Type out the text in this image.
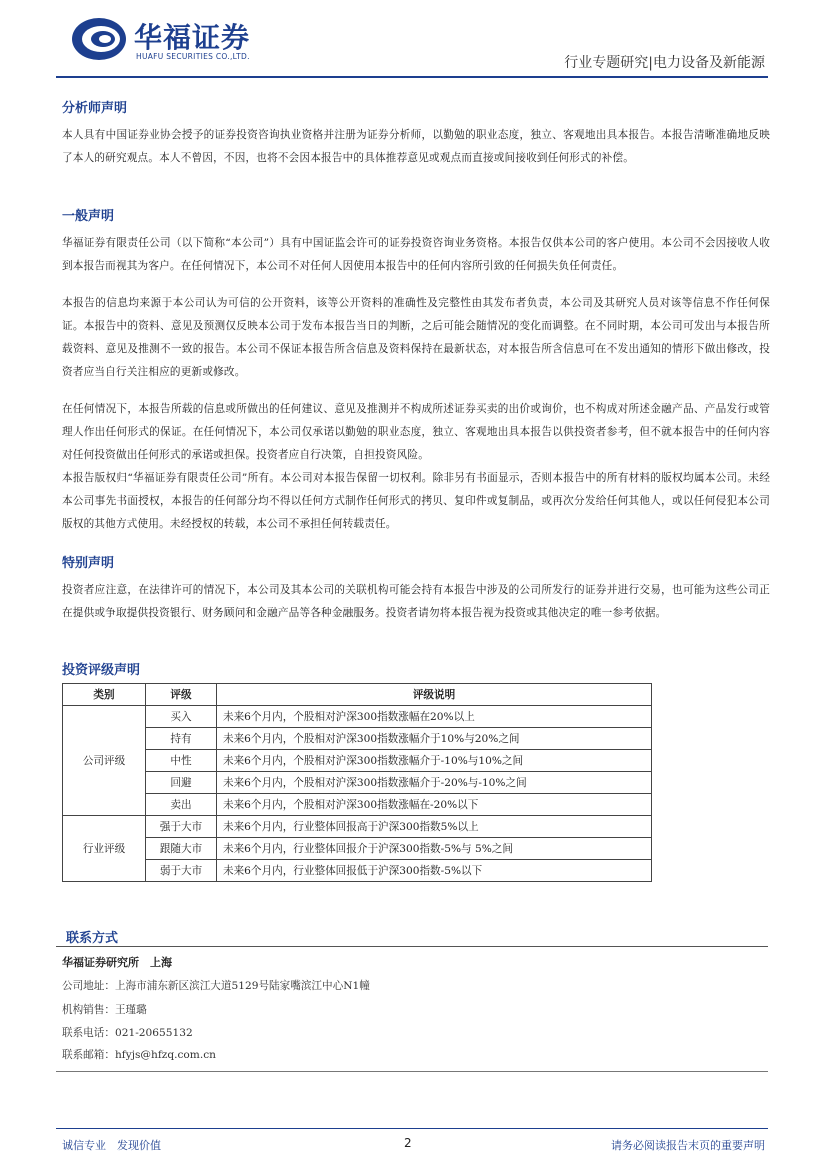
华福证券
HUAFU SECURITIES CO.,LTD.	行业专题研究|电力设备及新能源
分析师声明

本人具有中国证券业协会授予的证券投资咨询执业资格并注册为证券分析师，以勤勉的职业态度，独立、客观地出具本报告。本报告清晰准确地反映了本人的研究观点。本人不曾因，不因，也将不会因本报告中的具体推荐意见或观点而直接或间接收到任何形式的补偿。

一般声明

华福证券有限责任公司（以下简称“本公司”）具有中国证监会许可的证券投资咨询业务资格。本报告仅供本公司的客户使用。本公司不会因接收人收到本报告而视其为客户。在任何情况下，本公司不对任何人因使用本报告中的任何内容所引致的任何损失负任何责任。

本报告的信息均来源于本公司认为可信的公开资料，该等公开资料的准确性及完整性由其发布者负责，本公司及其研究人员对该等信息不作任何保证。本报告中的资料、意见及预测仅反映本公司于发布本报告当日的判断，之后可能会随情况的变化而调整。在不同时期，本公司可发出与本报告所载资料、意见及推测不一致的报告。本公司不保证本报告所含信息及资料保持在最新状态，对本报告所含信息可在不发出通知的情形下做出修改，投资者应当自行关注相应的更新或修改。

在任何情况下，本报告所载的信息或所做出的任何建议、意见及推测并不构成所述证券买卖的出价或询价，也不构成对所述金融产品、产品发行或管理人作出任何形式的保证。在任何情况下，本公司仅承诺以勤勉的职业态度，独立、客观地出具本报告以供投资者参考，但不就本报告中的任何内容对任何投资做出任何形式的承诺或担保。投资者应自行决策，自担投资风险。

本报告版权归“华福证券有限责任公司”所有。本公司对本报告保留一切权利。除非另有书面显示，否则本报告中的所有材料的版权均属本公司。未经本公司事先书面授权，本报告的任何部分均不得以任何方式制作任何形式的拷贝、复印件或复制品，或再次分发给任何其他人，或以任何侵犯本公司版权的其他方式使用。未经授权的转载，本公司不承担任何转载责任。

特别声明

投资者应注意，在法律许可的情况下，本公司及其本公司的关联机构可能会持有本报告中涉及的公司所发行的证券并进行交易，也可能为这些公司正在提供或争取提供投资银行、财务顾问和金融产品等各种金融服务。投资者请勿将本报告视为投资或其他决定的唯一参考依据。

投资评级声明
类别	评级	评级说明
公司评级	买入	未来6个月内，个股相对沪深300指数涨幅在20%以上
	持有	未来6个月内，个股相对沪深300指数涨幅介于10%与20%之间
	中性	未来6个月内，个股相对沪深300指数涨幅介于-10%与10%之间
	回避	未来6个月内，个股相对沪深300指数涨幅介于-20%与-10%之间
	卖出	未来6个月内，个股相对沪深300指数涨幅在-20%以下
行业评级	强于大市	未来6个月内，行业整体回报高于沪深300指数5%以上
	跟随大市	未来6个月内，行业整体回报介于沪深300指数-5%与 5%之间
	弱于大市	未来6个月内，行业整体回报低于沪深300指数-5%以下
联系方式
华福证券研究所　上海
公司地址：上海市浦东新区滨江大道5129号陆家嘴滨江中心N1幢
机构销售：王瑾璐
联系电话：021-20655132
联系邮箱：hfyjs@hfzq.com.cn
诚信专业　发现价值	2	请务必阅读报告末页的重要声明
